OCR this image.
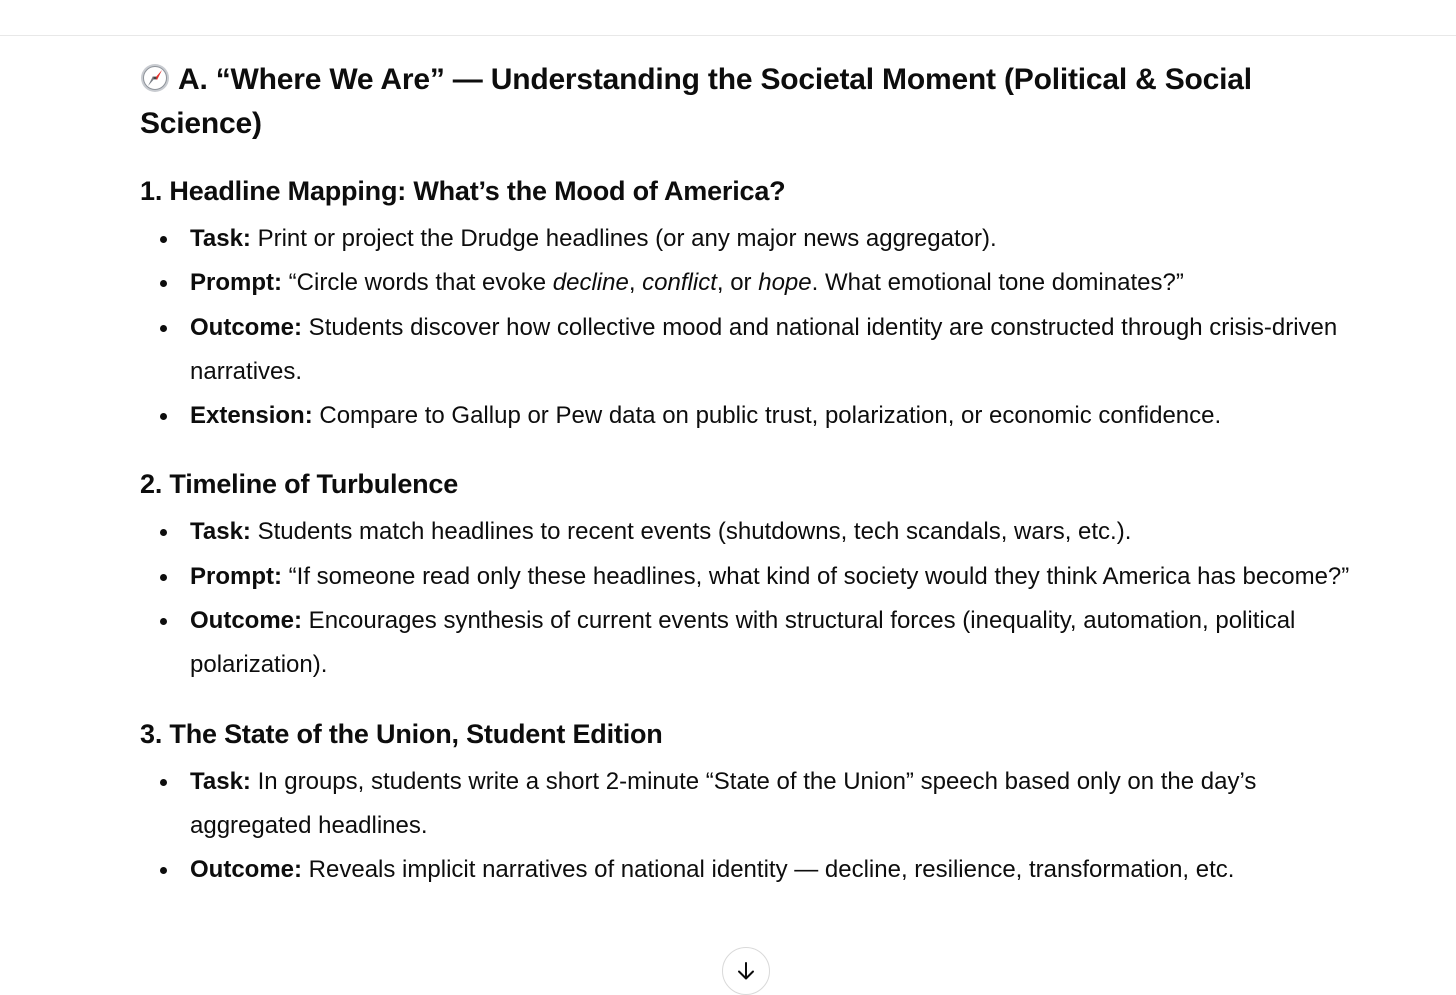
A. “Where We Are” — Understanding the Societal Moment (Political & Social Science)
1. Headline Mapping: What’s the Mood of America?
Task: Print or project the Drudge headlines (or any major news aggregator).
Prompt: “Circle words that evoke decline, conflict, or hope. What emotional tone dominates?”
Outcome: Students discover how collective mood and national identity are constructed through crisis-driven narratives.
Extension: Compare to Gallup or Pew data on public trust, polarization, or economic confidence.
2. Timeline of Turbulence
Task: Students match headlines to recent events (shutdowns, tech scandals, wars, etc.).
Prompt: “If someone read only these headlines, what kind of society would they think America has become?”
Outcome: Encourages synthesis of current events with structural forces (inequality, automation, political polarization).
3. The State of the Union, Student Edition
Task: In groups, students write a short 2-minute “State of the Union” speech based only on the day’s aggregated headlines.
Outcome: Reveals implicit narratives of national identity — decline, resilience, transformation, etc.
